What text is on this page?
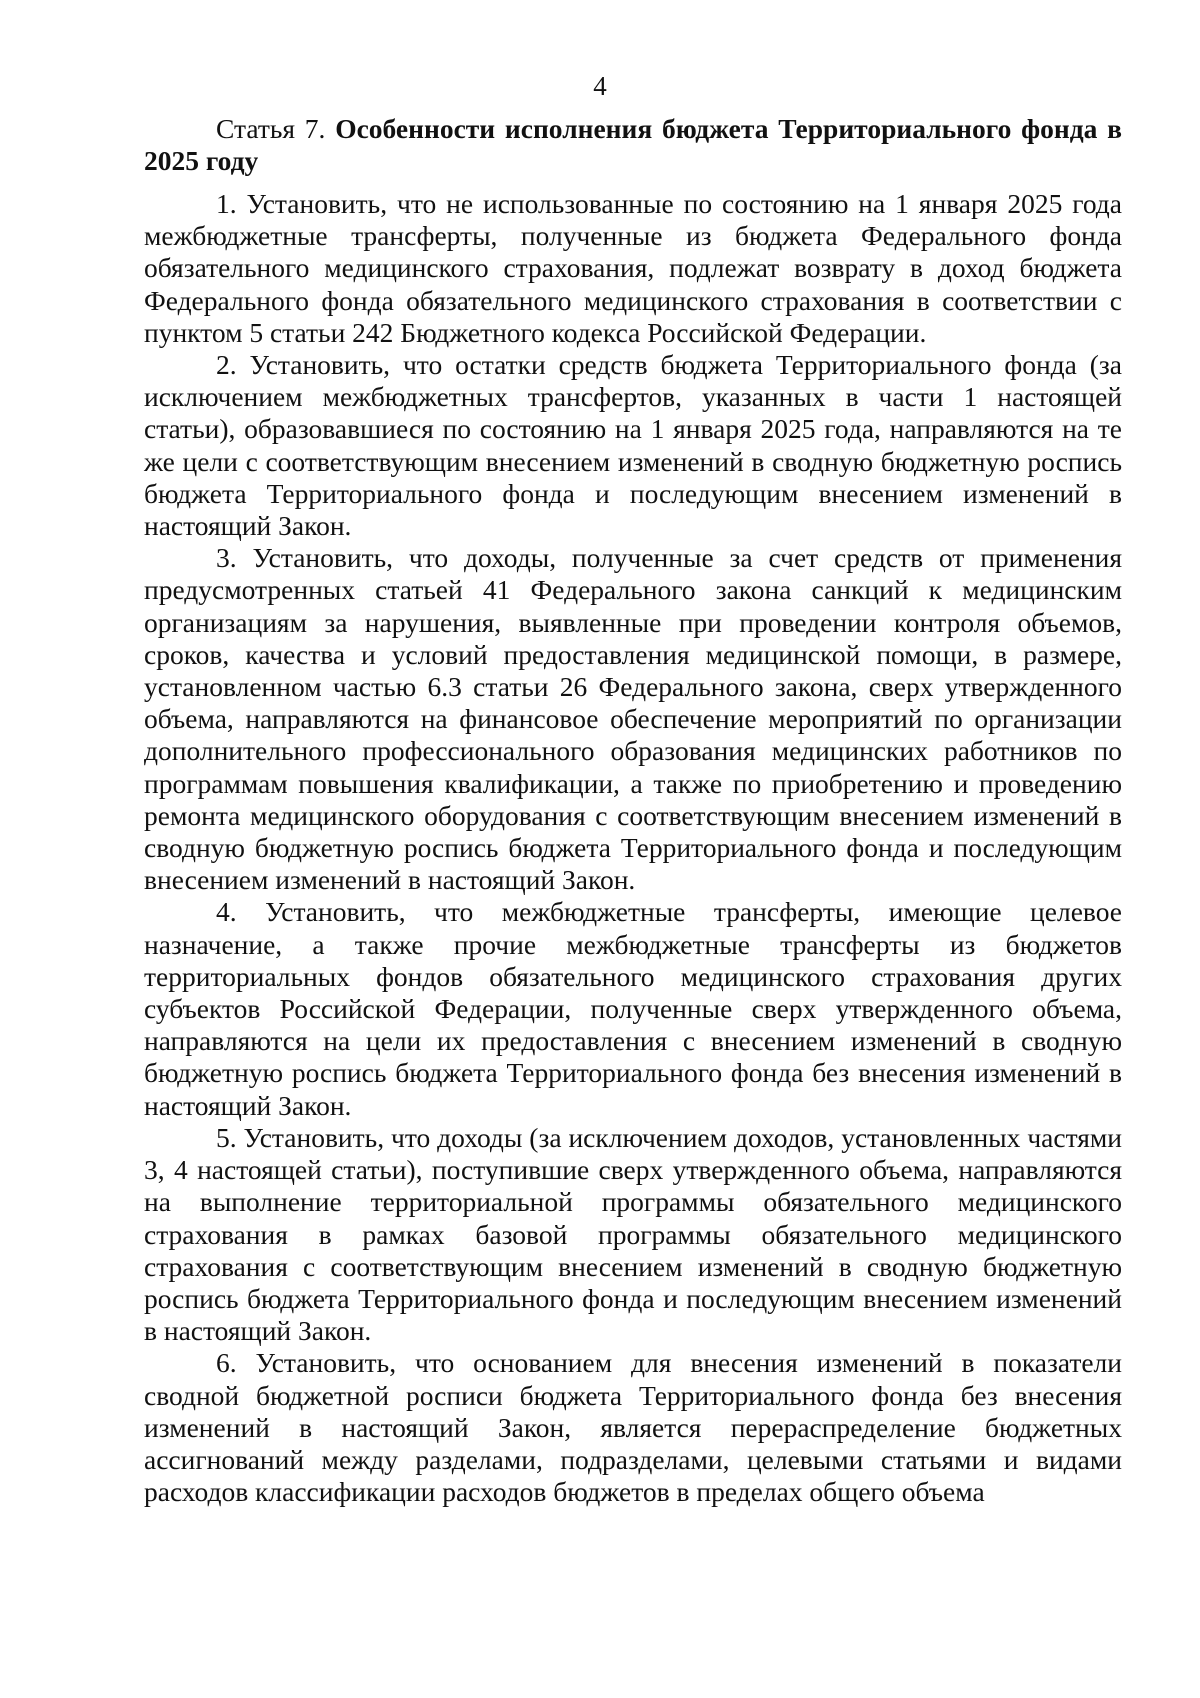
4
Статья 7. Особенности исполнения бюджета Территориального фонда в 2025 году

1. Установить, что не использованные по состоянию на 1 января 2025 года межбюджетные трансферты, полученные из бюджета Федерального фонда обязательного медицинского страхования, подлежат возврату в доход бюджета Федерального фонда обязательного медицинского страхования в соответствии с пунктом 5 статьи 242 Бюджетного кодекса Российской Федерации.

2. Установить, что остатки средств бюджета Территориального фонда (за исключением межбюджетных трансфертов, указанных в части 1 настоящей статьи), образовавшиеся по состоянию на 1 января 2025 года, направляются на те же цели с соответствующим внесением изменений в сводную бюджетную роспись бюджета Территориального фонда и последующим внесением изменений в настоящий Закон.

3. Установить, что доходы, полученные за счет средств от применения предусмотренных статьей 41 Федерального закона санкций к медицинским организациям за нарушения, выявленные при проведении контроля объемов, сроков, качества и условий предоставления медицинской помощи, в размере, установленном частью 6.3 статьи 26 Федерального закона, сверх утвержденного объема, направляются на финансовое обеспечение мероприятий по организации дополнительного профессионального образования медицинских работников по программам повышения квалификации, а также по приобретению и проведению ремонта медицинского оборудования с соответствующим внесением изменений в сводную бюджетную роспись бюджета Территориального фонда и последующим внесением изменений в настоящий Закон.

4. Установить, что межбюджетные трансферты, имеющие целевое назначение, а также прочие межбюджетные трансферты из бюджетов территориальных фондов обязательного медицинского страхования других субъектов Российской Федерации, полученные сверх утвержденного объема, направляются на цели их предоставления с внесением изменений в сводную бюджетную роспись бюджета Территориального фонда без внесения изменений в настоящий Закон.

5. Установить, что доходы (за исключением доходов, установленных частями 3, 4 настоящей статьи), поступившие сверх утвержденного объема, направляются на выполнение территориальной программы обязательного медицинского страхования в рамках базовой программы обязательного медицинского страхования с соответствующим внесением изменений в сводную бюджетную роспись бюджета Территориального фонда и последующим внесением изменений в настоящий Закон.

6. Установить, что основанием для внесения изменений в показатели сводной бюджетной росписи бюджета Территориального фонда без внесения изменений в настоящий Закон, является перераспределение бюджетных ассигнований между разделами, подразделами, целевыми статьями и видами расходов классификации расходов бюджетов в пределах общего объема
